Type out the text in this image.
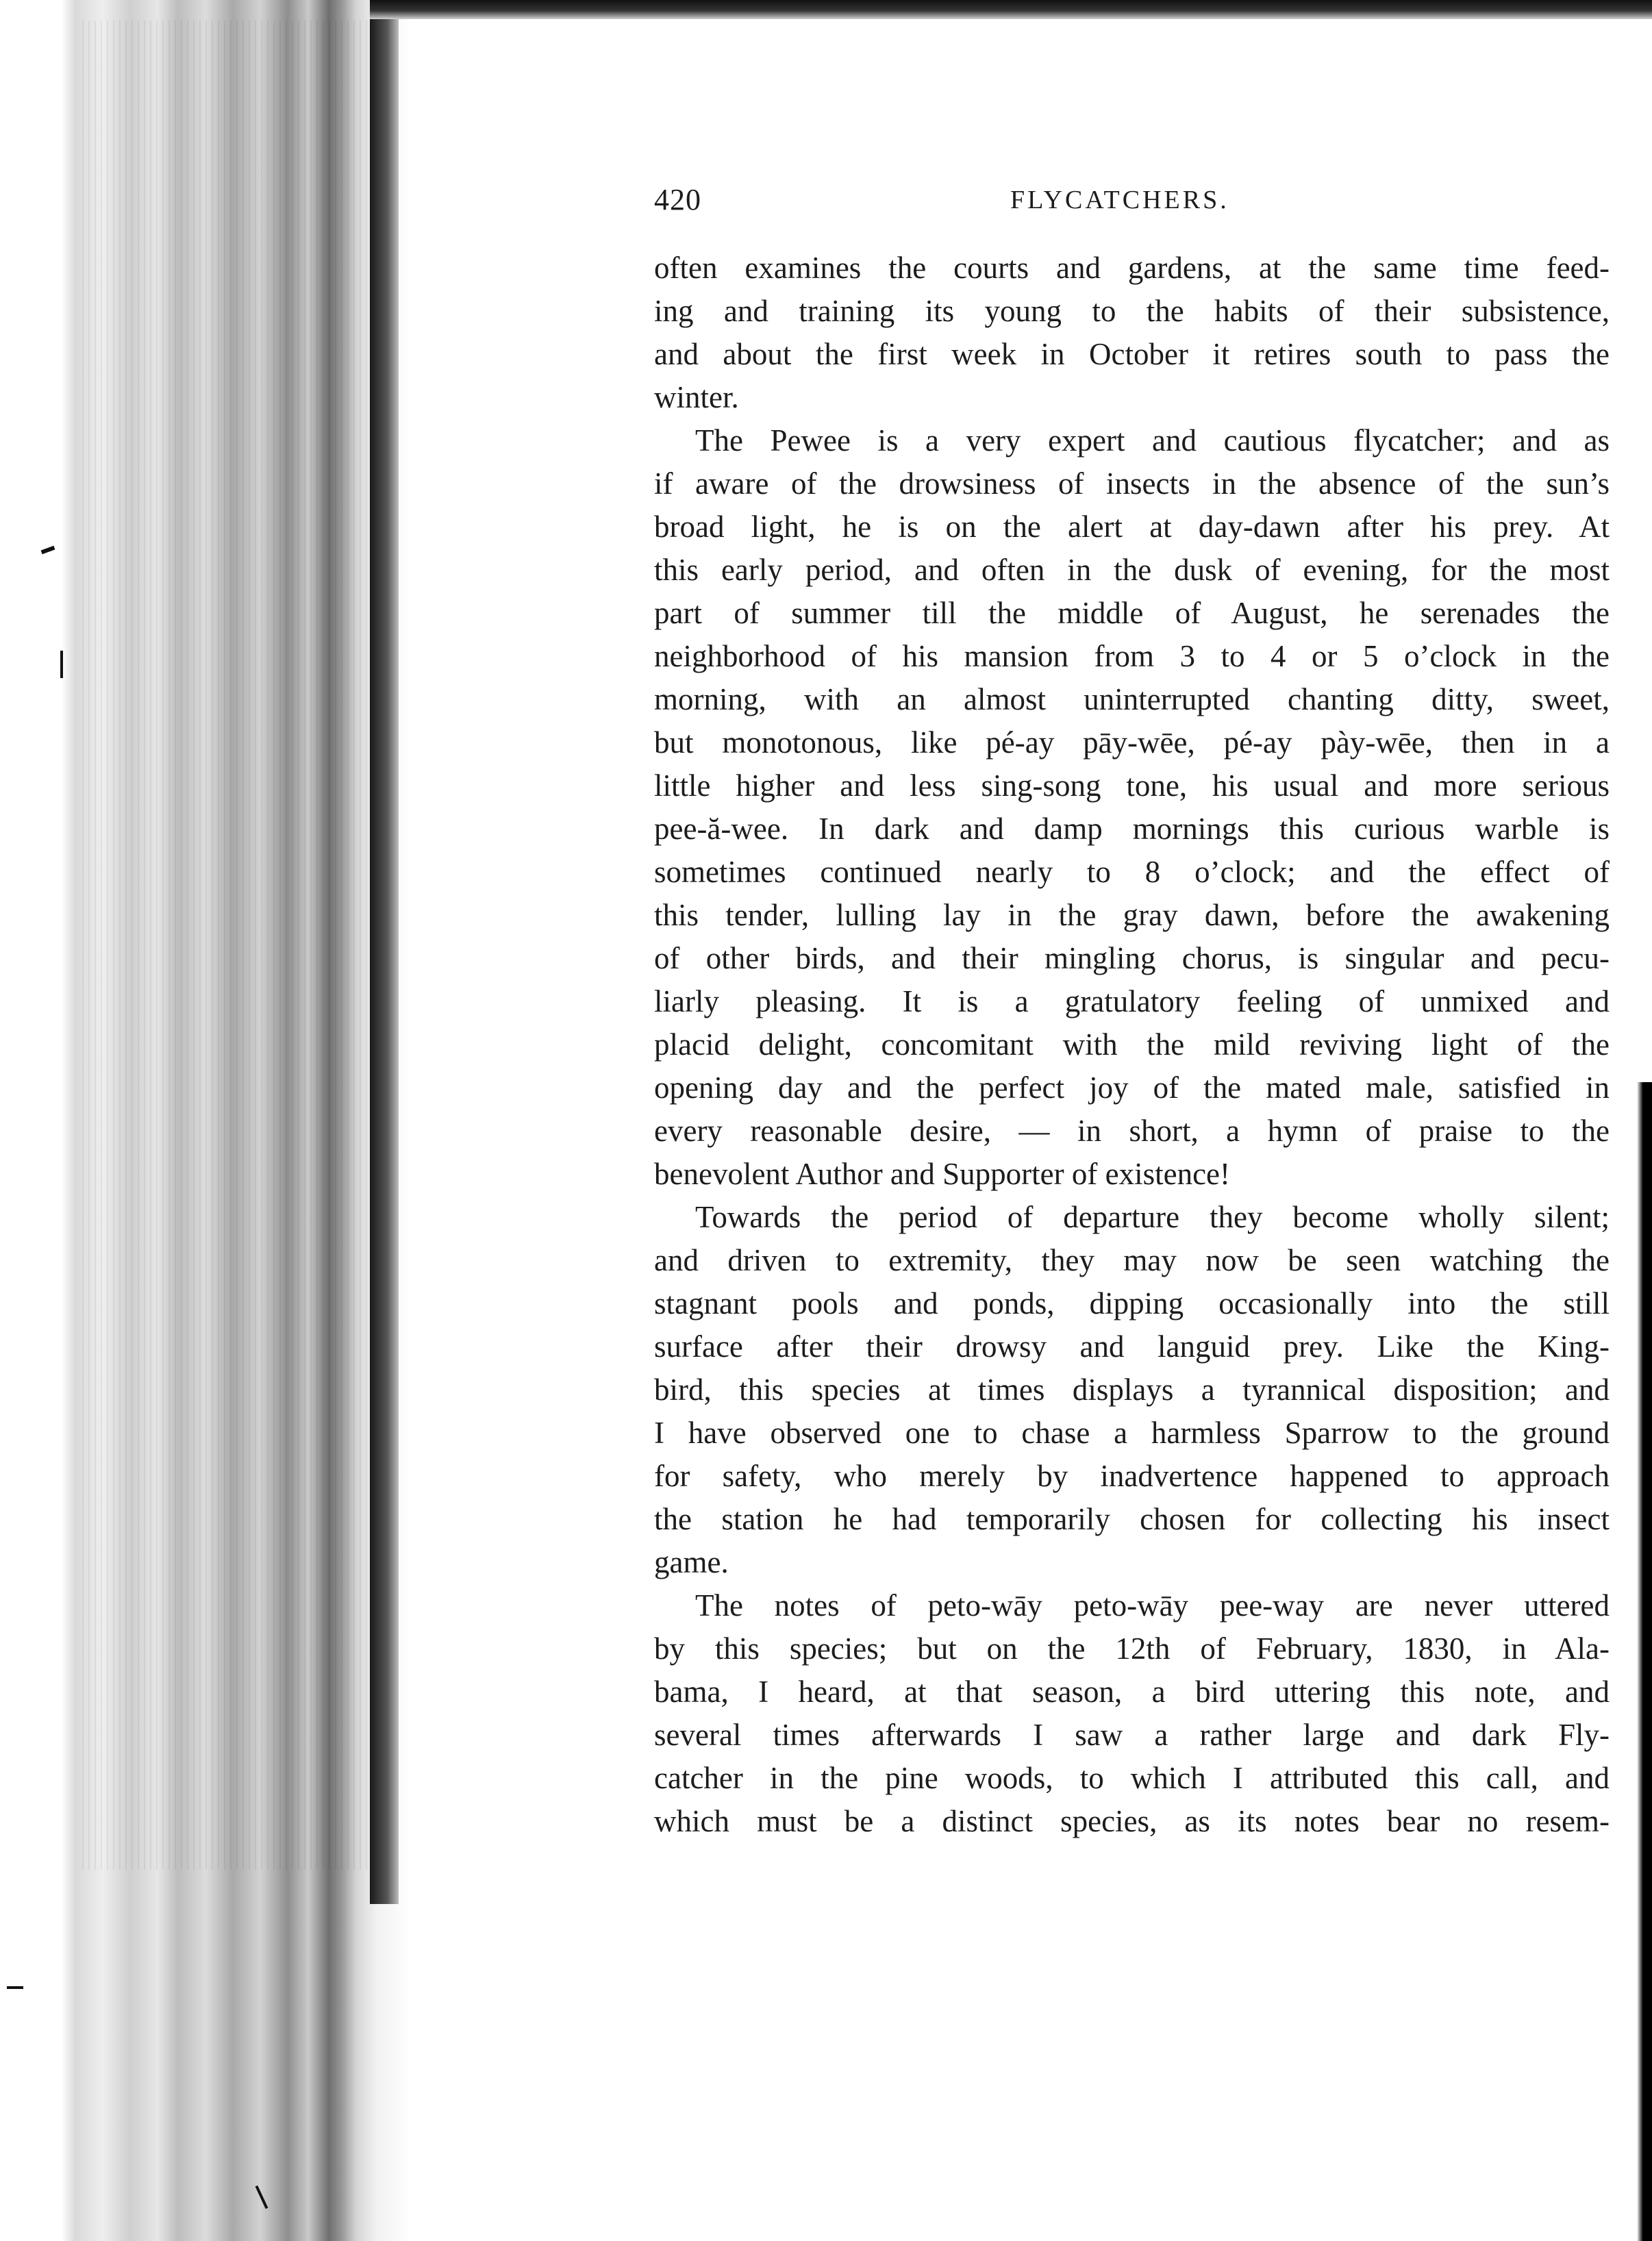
420	FLYCATCHERS.
often examines the courts and gardens, at the same time feed-
ing and training its young to the habits of their subsistence,
and about the first week in October it retires south to pass the
winter.
The Pewee is a very expert and cautious flycatcher; and as
if aware of the drowsiness of insects in the absence of the sun’s
broad light, he is on the alert at day-dawn after his prey. At
this early period, and often in the dusk of evening, for the most
part of summer till the middle of August, he serenades the
neighborhood of his mansion from 3 to 4 or 5 o’clock in the
morning, with an almost uninterrupted chanting ditty, sweet,
but monotonous, like pé-ay pāy-wēe, pé-ay pày-wēe, then in a
little higher and less sing-song tone, his usual and more serious
pee-ă-wee. In dark and damp mornings this curious warble is
sometimes continued nearly to 8 o’clock; and the effect of
this tender, lulling lay in the gray dawn, before the awakening
of other birds, and their mingling chorus, is singular and pecu-
liarly pleasing. It is a gratulatory feeling of unmixed and
placid delight, concomitant with the mild reviving light of the
opening day and the perfect joy of the mated male, satisfied in
every reasonable desire, — in short, a hymn of praise to the
benevolent Author and Supporter of existence!
Towards the period of departure they become wholly silent;
and driven to extremity, they may now be seen watching the
stagnant pools and ponds, dipping occasionally into the still
surface after their drowsy and languid prey. Like the King-
bird, this species at times displays a tyrannical disposition; and
I have observed one to chase a harmless Sparrow to the ground
for safety, who merely by inadvertence happened to approach
the station he had temporarily chosen for collecting his insect
game.
The notes of peto-wāy peto-wāy pee-way are never uttered
by this species; but on the 12th of February, 1830, in Ala-
bama, I heard, at that season, a bird uttering this note, and
several times afterwards I saw a rather large and dark Fly-
catcher in the pine woods, to which I attributed this call, and
which must be a distinct species, as its notes bear no resem-
